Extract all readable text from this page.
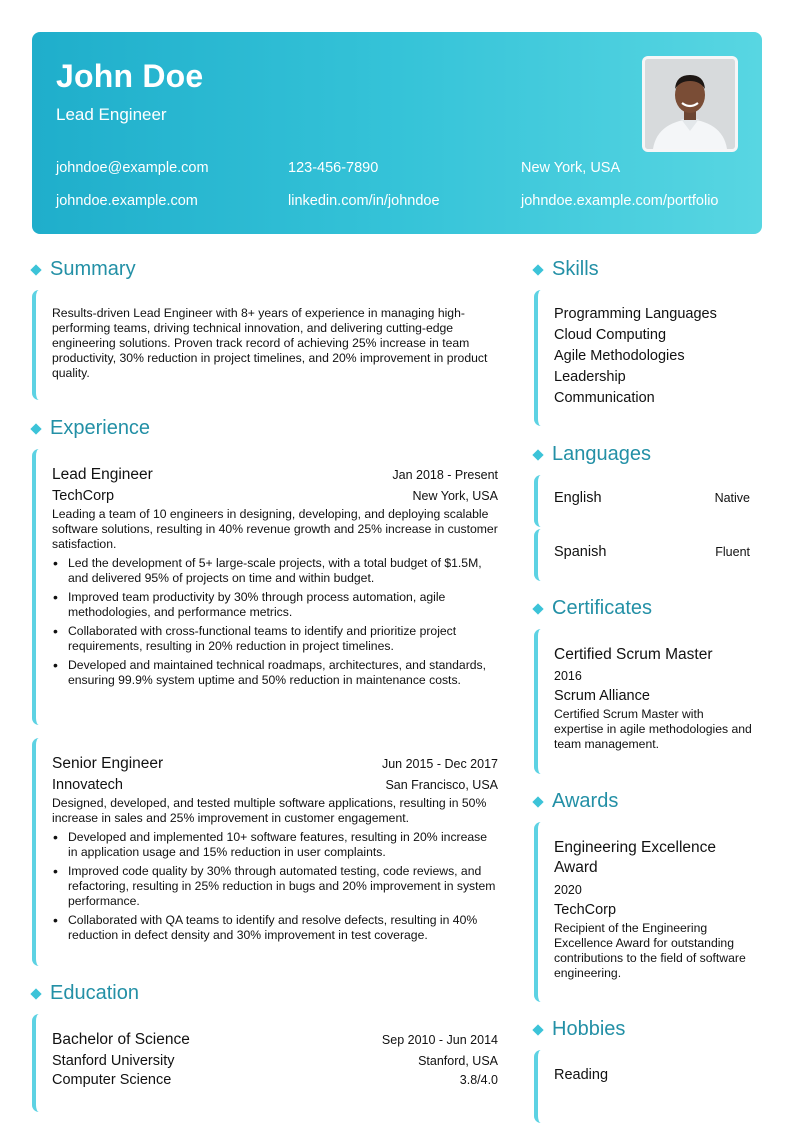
John Doe
Lead Engineer
johndoe@example.com	123-456-7890	New York, USA
johndoe.example.com	linkedin.com/in/johndoe	johndoe.example.com/portfolio
Summary
Results-driven Lead Engineer with 8+ years of experience in managing high-performing teams, driving technical innovation, and delivering cutting-edge engineering solutions. Proven track record of achieving 25% increase in team productivity, 30% reduction in project timelines, and 20% improvement in product quality.
Experience
Lead Engineer	Jan 2018 - Present
TechCorp	New York, USA
Leading a team of 10 engineers in designing, developing, and deploying scalable software solutions, resulting in 40% revenue growth and 25% increase in customer satisfaction.
• Led the development of 5+ large-scale projects, with a total budget of $1.5M, and delivered 95% of projects on time and within budget.
• Improved team productivity by 30% through process automation, agile methodologies, and performance metrics.
• Collaborated with cross-functional teams to identify and prioritize project requirements, resulting in 20% reduction in project timelines.
• Developed and maintained technical roadmaps, architectures, and standards, ensuring 99.9% system uptime and 50% reduction in maintenance costs.
Senior Engineer	Jun 2015 - Dec 2017
Innovatech	San Francisco, USA
Designed, developed, and tested multiple software applications, resulting in 50% increase in sales and 25% improvement in customer engagement.
• Developed and implemented 10+ software features, resulting in 20% increase in application usage and 15% reduction in user complaints.
• Improved code quality by 30% through automated testing, code reviews, and refactoring, resulting in 25% reduction in bugs and 20% improvement in system performance.
• Collaborated with QA teams to identify and resolve defects, resulting in 40% reduction in defect density and 30% improvement in test coverage.
Education
Bachelor of Science	Sep 2010 - Jun 2014
Stanford University	Stanford, USA
Computer Science	3.8/4.0
Skills
Programming Languages
Cloud Computing
Agile Methodologies
Leadership
Communication
Languages
English	Native
Spanish	Fluent
Certificates
Certified Scrum Master
2016
Scrum Alliance
Certified Scrum Master with expertise in agile methodologies and team management.
Awards
Engineering Excellence Award
2020
TechCorp
Recipient of the Engineering Excellence Award for outstanding contributions to the field of software engineering.
Hobbies
Reading
